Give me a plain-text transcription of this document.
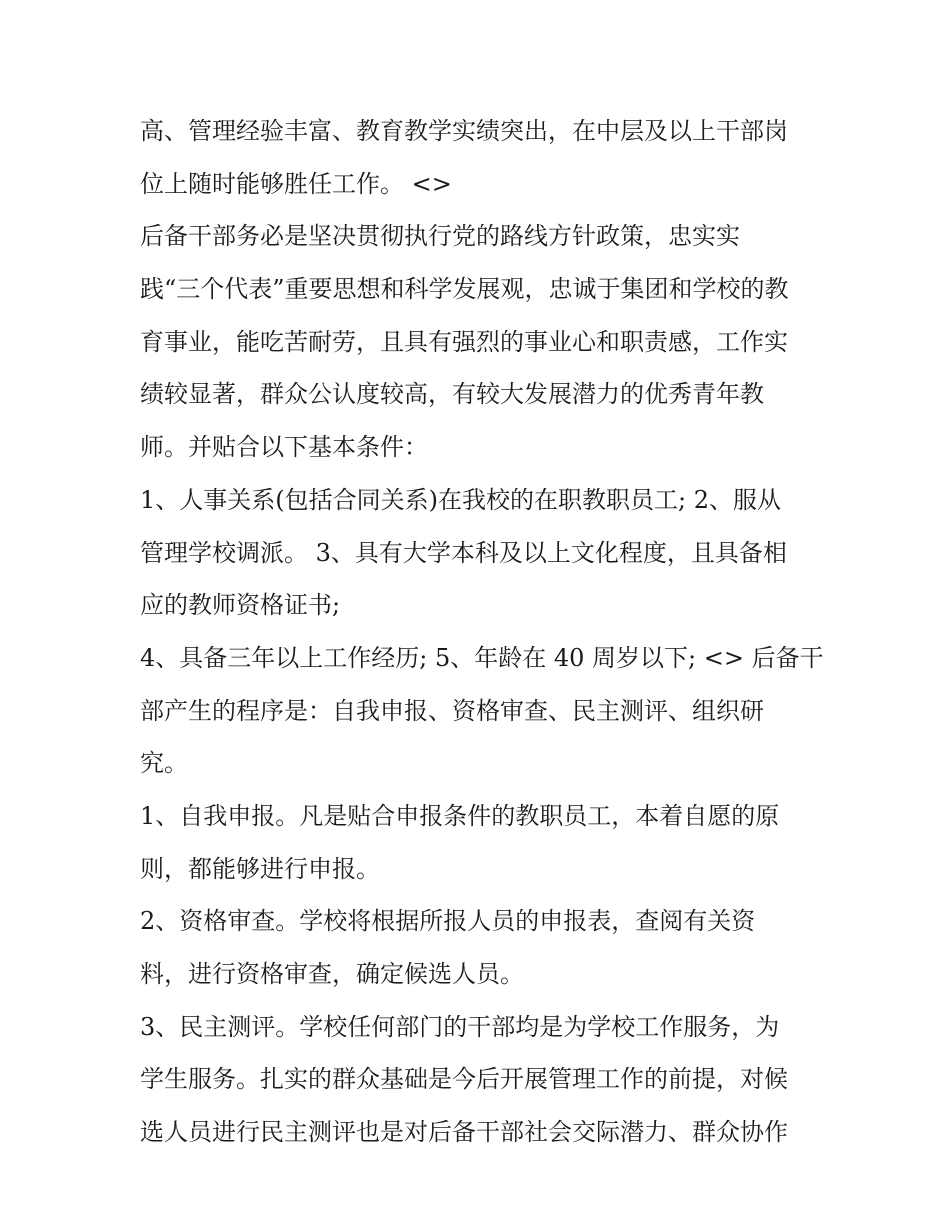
高、管理经验丰富、教育教学实绩突出，在中层及以上干部岗
位上随时能够胜任工作。 <>
后备干部务必是坚决贯彻执行党的路线方针政策，忠实实
践“三个代表”重要思想和科学发展观，忠诚于集团和学校的教
育事业，能吃苦耐劳，且具有强烈的事业心和职责感，工作实
绩较显著，群众公认度较高，有较大发展潜力的优秀青年教
师。并贴合以下基本条件：
1、人事关系(包括合同关系)在我校的在职教职员工; 2、服从
管理学校调派。 3、具有大学本科及以上文化程度，且具备相
应的教师资格证书;
4、具备三年以上工作经历; 5、年龄在 40 周岁以下; <> 后备干
部产生的程序是：自我申报、资格审查、民主测评、组织研
究。
1、自我申报。凡是贴合申报条件的教职员工，本着自愿的原
则，都能够进行申报。
2、资格审查。学校将根据所报人员的申报表，查阅有关资
料，进行资格审查，确定候选人员。
3、民主测评。学校任何部门的干部均是为学校工作服务，为
学生服务。扎实的群众基础是今后开展管理工作的前提，对候
选人员进行民主测评也是对后备干部社会交际潜力、群众协作
